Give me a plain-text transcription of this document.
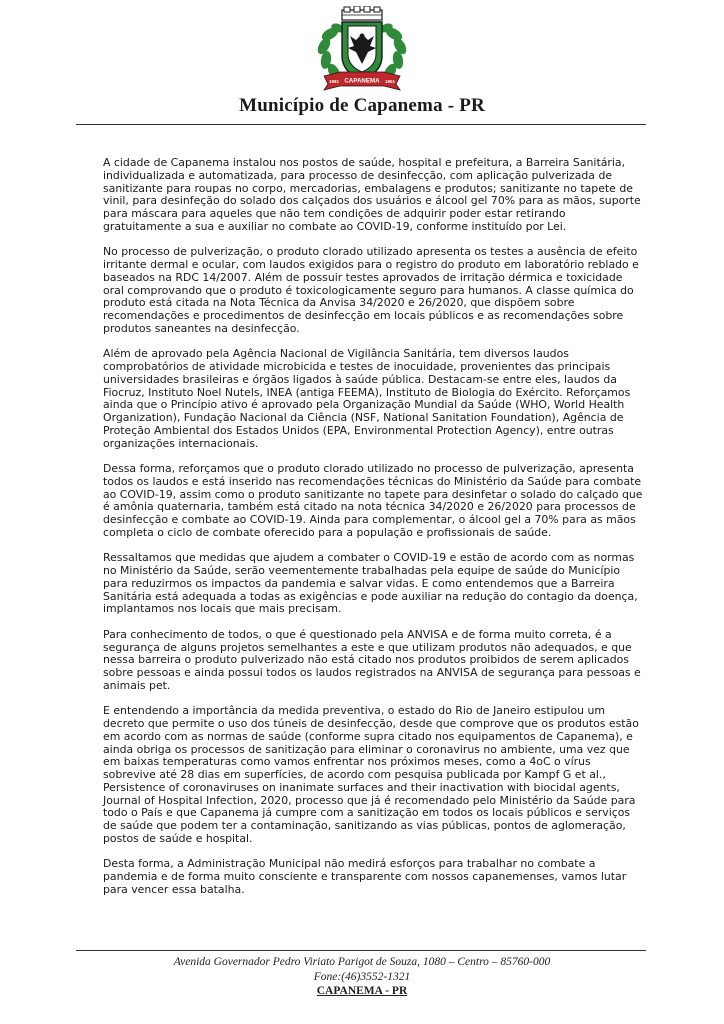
CAPANEMA
1961	1951
Município de Capanema - PR

A cidade de Capanema instalou nos postos de saúde, hospital e prefeitura, a Barreira Sanitária, individualizada e automatizada, para processo de desinfecção, com aplicação pulverizada de sanitizante para roupas no corpo, mercadorias, embalagens e produtos; sanitizante no tapete de vinil, para desinfeção do solado dos calçados dos usuários e álcool gel 70% para as mãos, suporte para máscara para aqueles que não tem condições de adquirir poder estar retirando gratuitamente a sua e auxiliar no combate ao COVID-19, conforme instituído por Lei.

No processo de pulverização, o produto clorado utilizado apresenta os testes a ausência de efeito irritante dermal e ocular, com laudos exigidos para o registro do produto em laboratório reblado e baseados na RDC 14/2007. Além de possuir testes aprovados de irritação dérmica e toxicidade oral comprovando que o produto é toxicologicamente seguro para humanos. A classe química do produto está citada na Nota Técnica da Anvisa 34/2020 e 26/2020, que dispõem sobre recomendações e procedimentos de desinfecção em locais públicos e as recomendações sobre produtos saneantes na desinfecção.

Além de aprovado pela Agência Nacional de Vigilância Sanitária, tem diversos laudos comprobatórios de atividade microbicida e testes de inocuidade, provenientes das principais universidades brasileiras e órgãos ligados à saúde pública. Destacam-se entre eles, laudos da Fiocruz, Instituto Noel Nutels, INEA (antiga FEEMA), Instituto de Biologia do Exército. Reforçamos ainda que o Princípio ativo é aprovado pela Organização Mundial da Saúde (WHO, World Health Organization), Fundação Nacional da Ciência (NSF, National Sanitation Foundation), Agência de Proteção Ambiental dos Estados Unidos (EPA, Environmental Protection Agency), entre outras organizações internacionais.

Dessa forma, reforçamos que o produto clorado utilizado no processo de pulverização, apresenta todos os laudos e está inserido nas recomendações técnicas do Ministério da Saúde para combate ao COVID-19, assim como o produto sanitizante no tapete para desinfetar o solado do calçado que é amônia quaternaria, também está citado na nota técnica 34/2020 e 26/2020 para processos de desinfecção e combate ao COVID-19. Ainda para complementar, o álcool gel a 70% para as mãos completa o ciclo de combate oferecido para a população e profissionais de saúde.

Ressaltamos que medidas que ajudem a combater o COVID-19 e estão de acordo com as normas no Ministério da Saúde, serão veementemente trabalhadas pela equipe de saúde do Município para reduzirmos os impactos da pandemia e salvar vidas. E como entendemos que a Barreira Sanitária está adequada a todas as exigências e pode auxiliar na redução do contagio da doença, implantamos nos locais que mais precisam.

Para conhecimento de todos, o que é questionado pela ANVISA e de forma muito correta, é a segurança de alguns projetos semelhantes a este e que utilizam produtos não adequados, e que nessa barreira o produto pulverizado não está citado nos produtos proibidos de serem aplicados sobre pessoas e ainda possui todos os laudos registrados na ANVISA de segurança para pessoas e animais pet.

E entendendo a importância da medida preventiva, o estado do Rio de Janeiro estipulou um decreto que permite o uso dos túneis de desinfecção, desde que comprove que os produtos estão em acordo com as normas de saúde (conforme supra citado nos equipamentos de Capanema), e ainda obriga os processos de sanitização para eliminar o coronavirus no ambiente, uma vez que em baixas temperaturas como vamos enfrentar nos próximos meses, como a 4oC o vírus sobrevive até 28 dias em superfícies, de acordo com pesquisa publicada por Kampf G et al., Persistence of coronaviruses on inanimate surfaces and their inactivation with biocidal agents, Journal of Hospital Infection, 2020, processo que já é recomendado pelo Ministério da Saúde para todo o País e que Capanema já cumpre com a sanitização em todos os locais públicos e serviços de saúde que podem ter a contaminação, sanitizando as vias públicas, pontos de aglomeração, postos de saúde e hospital.

Desta forma, a Administração Municipal não medirá esforços para trabalhar no combate a pandemia e de forma muito consciente e transparente com nossos capanemenses, vamos lutar para vencer essa batalha.

Avenida Governador Pedro Viriato Parigot de Souza, 1080 – Centro – 85760-000
Fone:(46)3552-1321
CAPANEMA - PR
